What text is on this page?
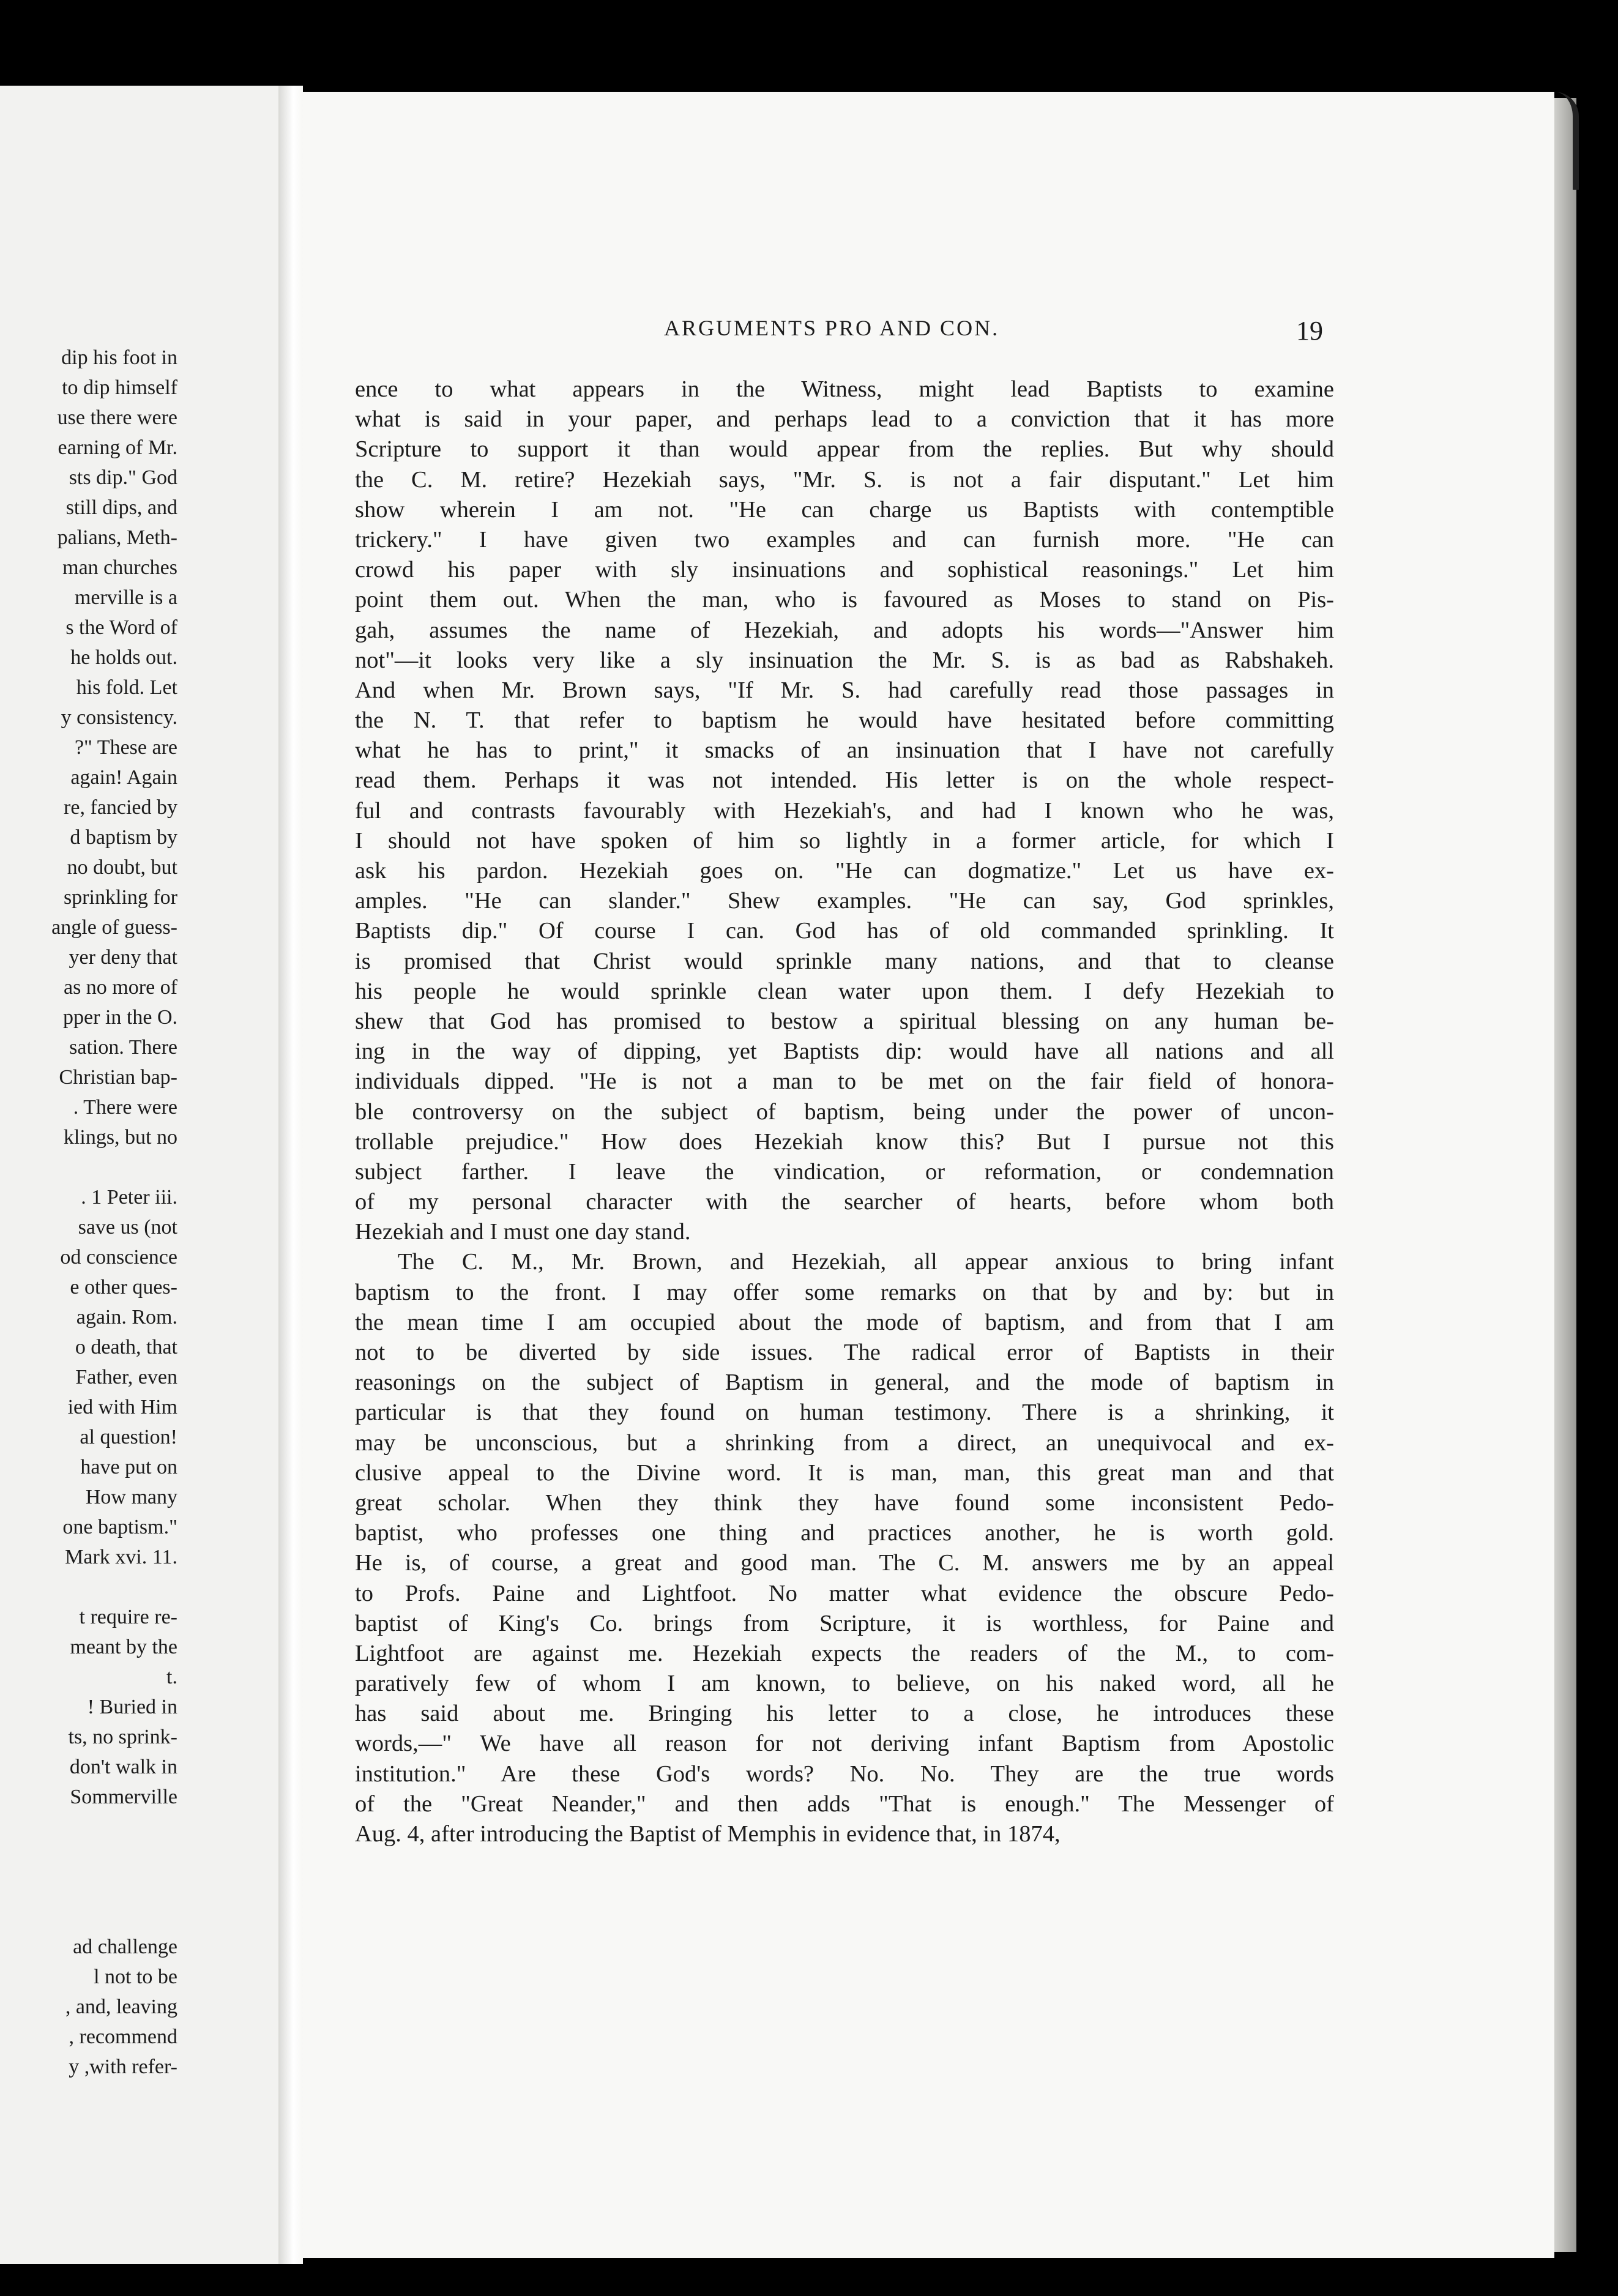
dip his foot in
to dip himself
use there were
earning of Mr.
sts dip." God
still dips, and
palians, Meth-
man churches
merville is a
s the Word of
he holds out.
his fold. Let
y consistency.
?" These are
again! Again
re, fancied by
d baptism by
no doubt, but
sprinkling for
angle of guess-
yer deny that
as no more of
pper in the O.
sation. There
Christian bap-
. There were
klings, but no
. 1 Peter iii.
save us (not
od conscience
e other ques-
again. Rom.
o death, that
Father, even
ied with Him
al question!
have put on
How many
one baptism."
Mark xvi. 11.
t require re-
meant by the
t.
! Buried in
ts, no sprink-
don't walk in
Sommerville
ad challenge
l not to be
, and, leaving
, recommend
y ,with refer-
ARGUMENTS PRO AND CON.	19
ence to what appears in the Witness, might lead Baptists to examine
what is said in your paper, and perhaps lead to a conviction that it has more
Scripture to support it than would appear from the replies. But why should
the C. M. retire? Hezekiah says, "Mr. S. is not a fair disputant." Let him
show wherein I am not. "He can charge us Baptists with contemptible
trickery." I have given two examples and can furnish more. "He can
crowd his paper with sly insinuations and sophistical reasonings." Let him
point them out. When the man, who is favoured as Moses to stand on Pis-
gah, assumes the name of Hezekiah, and adopts his words—"Answer him
not"—it looks very like a sly insinuation the Mr. S. is as bad as Rabshakeh.
And when Mr. Brown says, "If Mr. S. had carefully read those passages in
the N. T. that refer to baptism he would have hesitated before committing
what he has to print," it smacks of an insinuation that I have not carefully
read them. Perhaps it was not intended. His letter is on the whole respect-
ful and contrasts favourably with Hezekiah's, and had I known who he was,
I should not have spoken of him so lightly in a former article, for which I
ask his pardon. Hezekiah goes on. "He can dogmatize." Let us have ex-
amples. "He can slander." Shew examples. "He can say, God sprinkles,
Baptists dip." Of course I can. God has of old commanded sprinkling. It
is promised that Christ would sprinkle many nations, and that to cleanse
his people he would sprinkle clean water upon them. I defy Hezekiah to
shew that God has promised to bestow a spiritual blessing on any human be-
ing in the way of dipping, yet Baptists dip: would have all nations and all
individuals dipped. "He is not a man to be met on the fair field of honora-
ble controversy on the subject of baptism, being under the power of uncon-
trollable prejudice." How does Hezekiah know this? But I pursue not this
subject farther. I leave the vindication, or reformation, or condemnation
of my personal character with the searcher of hearts, before whom both
Hezekiah and I must one day stand.
The C. M., Mr. Brown, and Hezekiah, all appear anxious to bring infant
baptism to the front. I may offer some remarks on that by and by: but in
the mean time I am occupied about the mode of baptism, and from that I am
not to be diverted by side issues. The radical error of Baptists in their
reasonings on the subject of Baptism in general, and the mode of baptism in
particular is that they found on human testimony. There is a shrinking, it
may be unconscious, but a shrinking from a direct, an unequivocal and ex-
clusive appeal to the Divine word. It is man, man, this great man and that
great scholar. When they think they have found some inconsistent Pedo-
baptist, who professes one thing and practices another, he is worth gold.
He is, of course, a great and good man. The C. M. answers me by an appeal
to Profs. Paine and Lightfoot. No matter what evidence the obscure Pedo-
baptist of King's Co. brings from Scripture, it is worthless, for Paine and
Lightfoot are against me. Hezekiah expects the readers of the M., to com-
paratively few of whom I am known, to believe, on his naked word, all he
has said about me. Bringing his letter to a close, he introduces these
words,—" We have all reason for not deriving infant Baptism from Apostolic
institution." Are these God's words? No. No. They are the true words
of the "Great Neander," and then adds "That is enough." The Messenger of
Aug. 4, after introducing the Baptist of Memphis in evidence that, in 1874,
